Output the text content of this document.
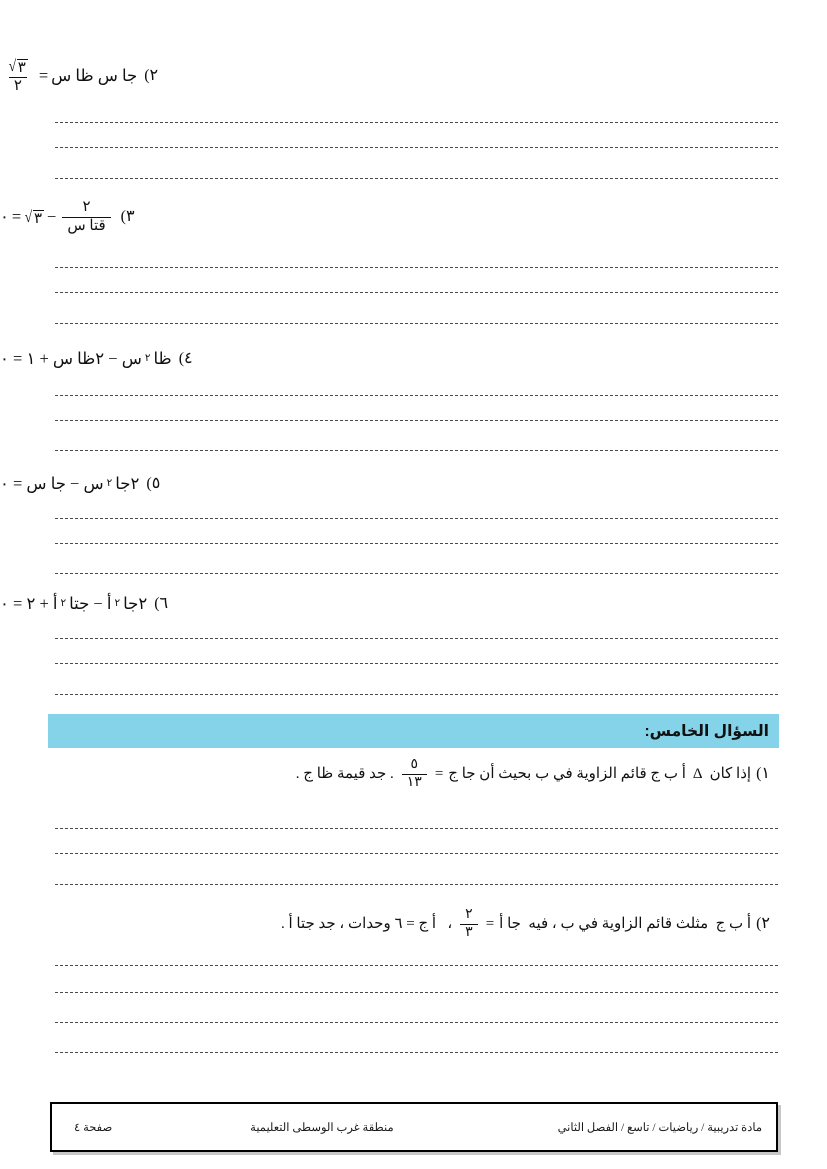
٢)
جا س ظا س
=
$\frac{√ ٣}{٢}$
٣)
$\frac{٢}{\text{قتا س}}$
−
√ ٣
=
٠
٤)
ظا
٢
س − ٢ظا س + ١ = ٠
٥)
٢جا
٢
س − جا س = ٠
٦)
٢جا
٢
أ − جتا
٢
أ + ٢ = ٠
السؤال الخامس:
١)
إذا كان
Δ
أ ب ج قائم الزاوية في ب بحيث أن جا ج
=
$\frac{٥}{١٣}$
. جد قيمة ظا ج .
٢)
أ ب ج  مثلث قائم الزاوية في ب ، فيه  جا أ
=
$\frac{٢}{٣}$
،   أ ج = ٦ وحدات ، جد جتا أ .
مادة تدريبية / رياضيات / تاسع / الفصل الثاني
منطقة غرب الوسطى التعليمية
صفحة ٤
